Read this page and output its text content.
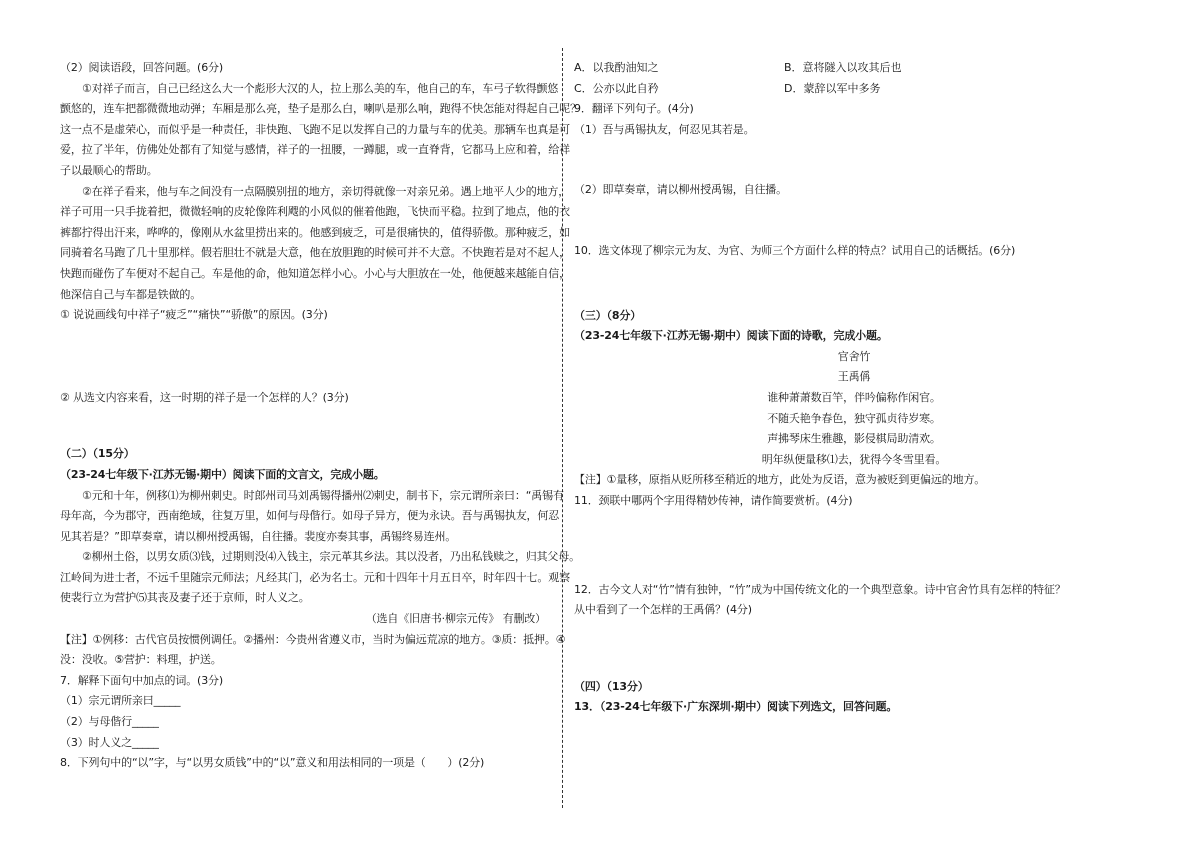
（2）阅读语段，回答问题。(6分)
①对祥子而言，自己已经这么大一个彪形大汉的人，拉上那么美的车，他自己的车，车弓子软得颤悠
颤悠的，连车把都微微地动弹；车厢是那么亮，垫子是那么白，喇叭是那么响，跑得不快怎能对得起自己呢？
这一点不是虚荣心，而似乎是一种责任，非快跑、飞跑不足以发挥自己的力量与车的优美。那辆车也真是可
爱，拉了半年，仿佛处处都有了知觉与感情，祥子的一扭腰，一蹲腿，或一直脊背，它都马上应和着，给祥
子以最顺心的帮助。
②在祥子看来，他与车之间没有一点隔膜别扭的地方，亲切得就像一对亲兄弟。遇上地平人少的地方，
祥子可用一只手拢着把，微微轻响的皮轮像阵利飕的小风似的催着他跑，飞快而平稳。拉到了地点，他的衣
裤都拧得出汗来，哗哗的，像刚从水盆里捞出来的。他感到疲乏，可是很痛快的，值得骄傲。那种疲乏，如
同骑着名马跑了几十里那样。假若胆壮不就是大意，他在放胆跑的时候可并不大意。不快跑若是对不起人，
快跑而碰伤了车便对不起自己。车是他的命，他知道怎样小心。小心与大胆放在一处，他便越来越能自信，
他深信自己与车都是铁做的。
① 说说画线句中祥子“疲乏”“痛快”“骄傲”的原因。(3分)
② 从选文内容来看，这一时期的祥子是一个怎样的人？(3分)
（二）（15分）
（23-24七年级下·江苏无锡·期中）阅读下面的文言文，完成小题。
①元和十年，例移⑴为柳州刺史。时郎州司马刘禹锡得播州⑵刺史，制书下，宗元谓所亲曰：“禹锡有
母年高，今为郡守，西南绝域，往复万里，如何与母偕行。如母子异方，便为永诀。吾与禹锡执友，何忍
见其若是？”即草奏章，请以柳州授禹锡，自往播。裴度亦奏其事，禹锡终易连州。
②柳州土俗，以男女质⑶钱，过期则没⑷入钱主，宗元革其乡法。其以没者，乃出私钱赎之，归其父母。
江岭间为进士者，不远千里随宗元师法；凡经其门，必为名士。元和十四年十月五日卒，时年四十七。观察
使裴行立为营护⑸其丧及妻子还于京师，时人义之。
（选自《旧唐书·柳宗元传》 有删改）
【注】①例移：古代官员按惯例调任。②播州：今贵州省遵义市，当时为偏远荒凉的地方。③质：抵押。④
没：没收。⑤营护：料理，护送。
7．解释下面句中加点的词。(3分)
（1）宗元谓所亲曰_____
（2）与母偕行_____
（3）时人义之_____
8．下列句中的“以”字，与“以男女质钱”中的“以”意义和用法相同的一项是（　　）(2分)
A．以我酌油知之	B．意将隧入以攻其后也
C．公亦以此自矜	D．蒙辞以军中多务
9．翻译下列句子。(4分)
（1）吾与禹锡执友，何忍见其若是。
（2）即草奏章，请以柳州授禹锡，自往播。
10．选文体现了柳宗元为友、为官、为师三个方面什么样的特点？试用自己的话概括。(6分)
（三）（8分）
（23-24七年级下·江苏无锡·期中）阅读下面的诗歌，完成小题。
官舍竹
王禹偁
谁种萧萧数百竿，伴吟偏称作闲官。
不随夭艳争春色，独守孤贞待岁寒。
声拂琴床生雅趣，影侵棋局助清欢。
明年纵便量移⑴去，犹得今冬雪里看。
【注】①量移，原指从贬所移至稍近的地方，此处为反语，意为被贬到更偏远的地方。
11．颈联中哪两个字用得精妙传神，请作简要赏析。(4分)
12．古今文人对“竹”情有独钟，“竹”成为中国传统文化的一个典型意象。诗中官舍竹具有怎样的特征？
从中看到了一个怎样的王禹偁？(4分)
（四）（13分）
13．（23-24七年级下·广东深圳·期中）阅读下列选文，回答问题。
